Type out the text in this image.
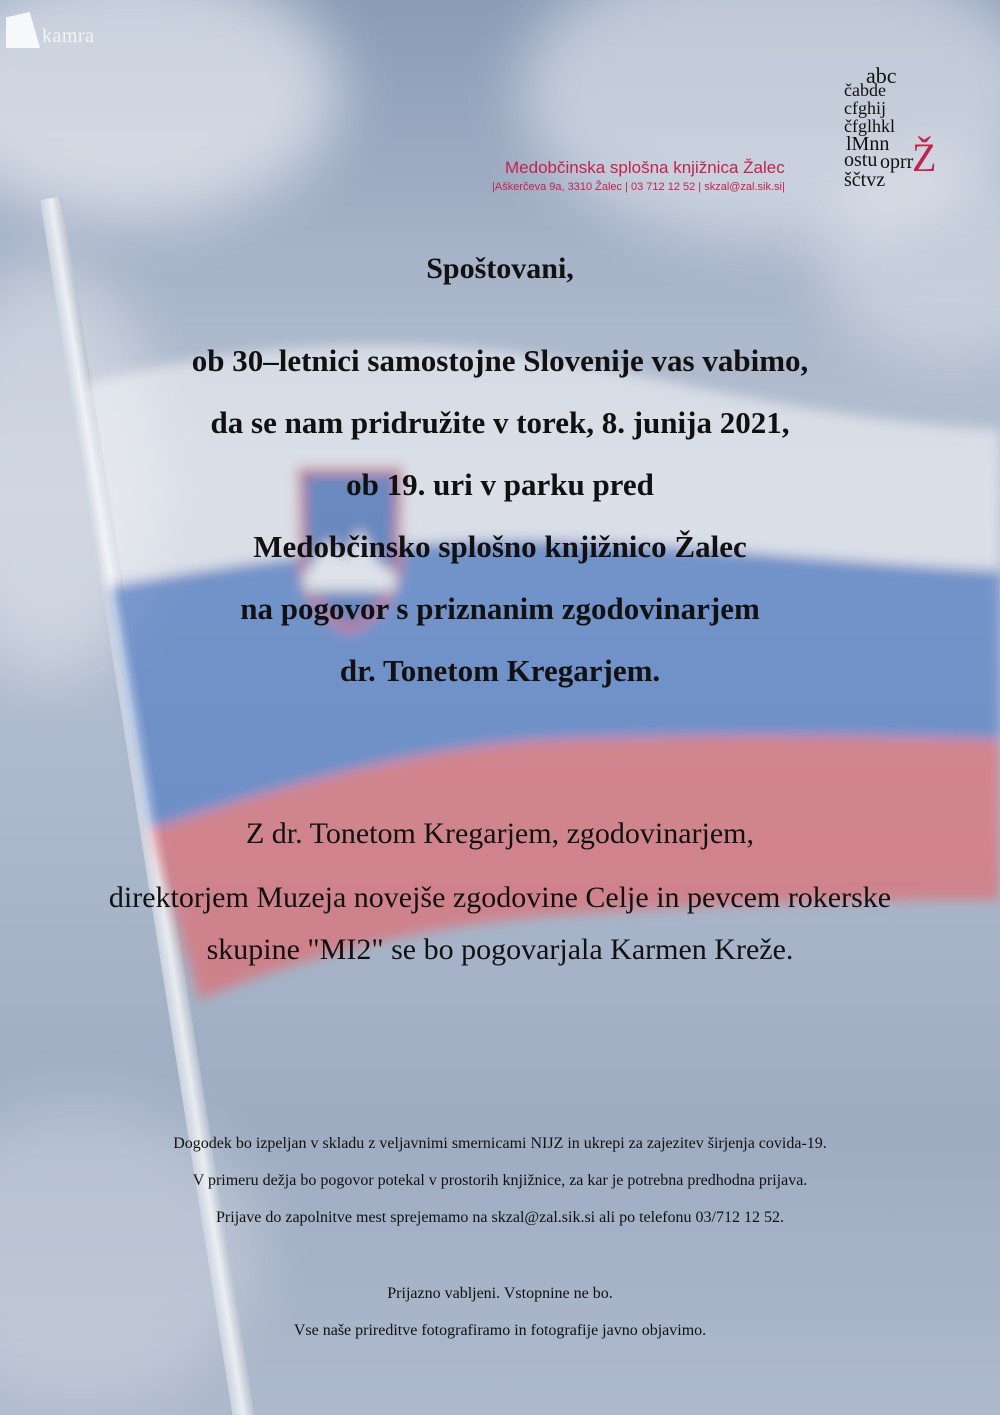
kamra
abc
čabde
cfghij
čfglhkl
lMnn
oprr
ostu
ščtvz Ž
Medobčinska splošna knjižnica Žalec
|Aškerčeva 9a, 3310 Žalec | 03 712 12 52 | skzal@zal.sik.si|
Spoštovani,
ob 30–letnici samostojne Slovenije vas vabimo,
da se nam pridružite v torek, 8. junija 2021,
ob 19. uri v parku pred
Medobčinsko splošno knjižnico Žalec
na pogovor s priznanim zgodovinarjem
dr. Tonetom Kregarjem.
Z dr. Tonetom Kregarjem, zgodovinarjem,
direktorjem Muzeja novejše zgodovine Celje in pevcem rokerske
skupine "MI2" se bo pogovarjala Karmen Kreže.
Dogodek bo izpeljan v skladu z veljavnimi smernicami NIJZ in ukrepi za zajezitev širjenja covida-19.
V primeru dežja bo pogovor potekal v prostorih knjižnice, za kar je potrebna predhodna prijava.
Prijave do zapolnitve mest sprejemamo na skzal@zal.sik.si ali po telefonu 03/712 12 52.
Prijazno vabljeni. Vstopnine ne bo.
Vse naše prireditve fotografiramo in fotografije javno objavimo.
